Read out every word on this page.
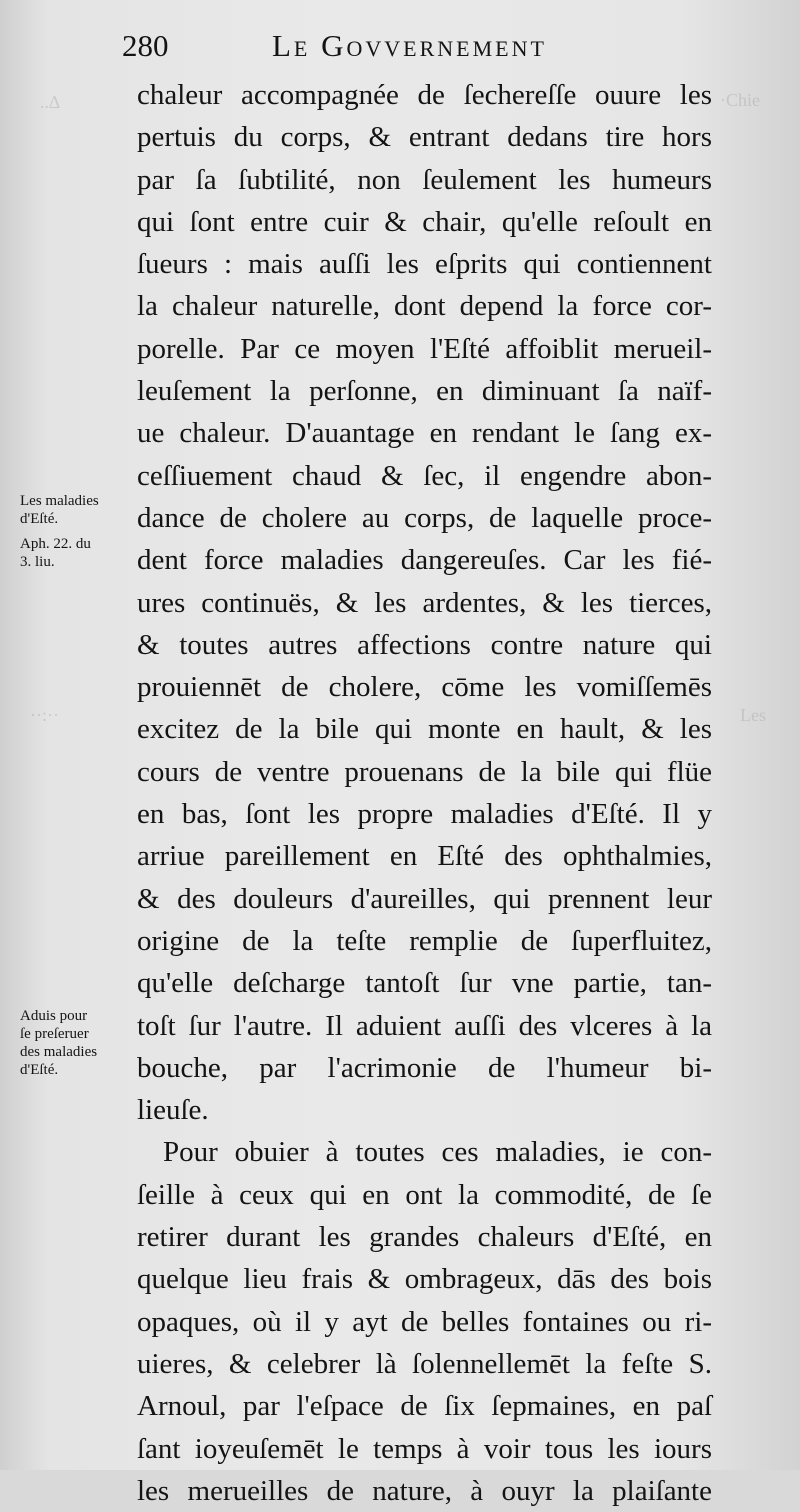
..∆	·Chie
··:··	Les
280	Le Govvernement
chaleur accompagnée de ſechereſſe ouure les
pertuis du corps, & entrant dedans tire hors
par ſa ſubtilité, non ſeulement les humeurs
qui ſont entre cuir & chair, qu'elle reſoult en
ſueurs : mais auſſi les eſprits qui contiennent
la chaleur naturelle, dont depend la force cor-
porelle. Par ce moyen l'Eſté affoiblit merueil-
leuſement la perſonne, en diminuant ſa naïf-
ue chaleur. D'auantage en rendant le ſang ex-
ceſſiuement chaud & ſec, il engendre abon-
dance de cholere au corps, de laquelle proce-
dent force maladies dangereuſes. Car les fié-
ures continuës, & les ardentes, & les tierces,
& toutes autres affections contre nature qui
prouiennēt de cholere, cōme les vomiſſemēs
excitez de la bile qui monte en hault, & les
cours de ventre prouenans de la bile qui flüe
en bas, ſont les propre maladies d'Eſté. Il y
arriue pareillement en Eſté des ophthalmies,
& des douleurs d'aureilles, qui prennent leur
origine de la teſte remplie de ſuperfluitez,
qu'elle deſcharge tantoſt ſur vne partie, tan-
toſt ſur l'autre. Il aduient auſſi des vlceres à la
bouche, par l'acrimonie de l'humeur bi-
lieuſe.
Pour obuier à toutes ces maladies, ie con-
ſeille à ceux qui en ont la commodité, de ſe
retirer durant les grandes chaleurs d'Eſté, en
quelque lieu frais & ombrageux, dās des bois
opaques, où il y ayt de belles fontaines ou ri-
uieres, & celebrer là ſolennellemēt la feſte S.
Arnoul, par l'eſpace de ſix ſepmaines, en paſ
ſant ioyeuſemēt le temps à voir tous les iours
les merueilles de nature, à ouyr la plaiſante
Les maladies
d'Eſté.
Aph. 22. du
3. liu.
Aduis pour
ſe preſeruer
des maladies
d'Eſté.
